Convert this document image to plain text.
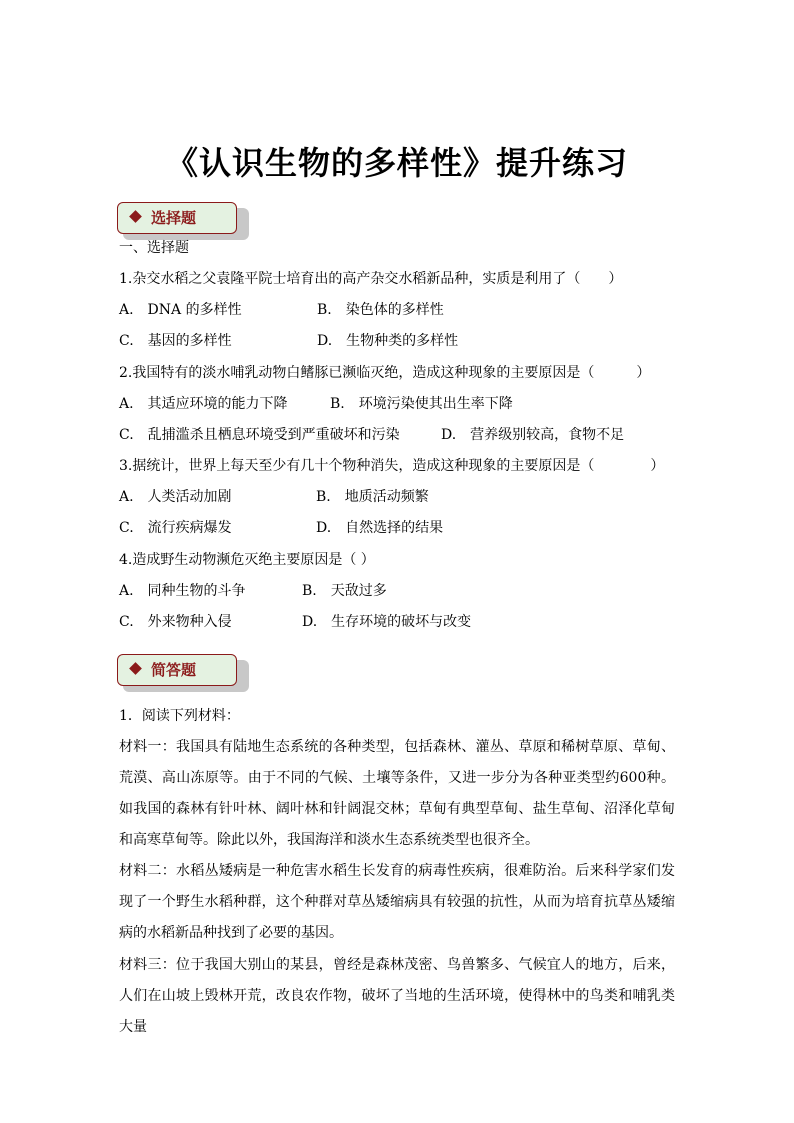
《认识生物的多样性》提升练习
选择题
一、选择题
1.杂交水稻之父袁隆平院士培育出的高产杂交水稻新品种，实质是利用了（　　）
A.　DNA 的多样性	B.　染色体的多样性
C.　基因的多样性	D.　生物种类的多样性
2.我国特有的淡水哺乳动物白鳍豚已濒临灭绝，造成这种现象的主要原因是（　　　）
A.　其适应环境的能力下降	B.　环境污染使其出生率下降
C.　乱捕滥杀且栖息环境受到严重破坏和污染	D.　营养级别较高，食物不足
3.据统计，世界上每天至少有几十个物种消失，造成这种现象的主要原因是（　　　　）
A.　人类活动加剧	B.　地质活动频繁
C.　流行疾病爆发	D.　自然选择的结果
4.造成野生动物濒危灭绝主要原因是（ ）
A.　同种生物的斗争	B.　天敌过多
C.　外来物种入侵	D.　生存环境的破坏与改变
简答题
1．阅读下列材料：

材料一：我国具有陆地生态系统的各种类型，包括森林、灌丛、草原和稀树草原、草甸、荒漠、高山冻原等。由于不同的气候、土壤等条件，又进一步分为各种亚类型约600种。如我国的森林有针叶林、阔叶林和针阔混交林；草甸有典型草甸、盐生草甸、沼泽化草甸和高寒草甸等。除此以外，我国海洋和淡水生态系统类型也很齐全。

材料二：水稻丛矮病是一种危害水稻生长发育的病毒性疾病，很难防治。后来科学家们发现了一个野生水稻种群，这个种群对草丛矮缩病具有较强的抗性，从而为培育抗草丛矮缩病的水稻新品种找到了必要的基因。

材料三：位于我国大别山的某县，曾经是森林茂密、鸟兽繁多、气候宜人的地方，后来，人们在山坡上毁林开荒，改良农作物，破坏了当地的生活环境，使得林中的鸟类和哺乳类大量
